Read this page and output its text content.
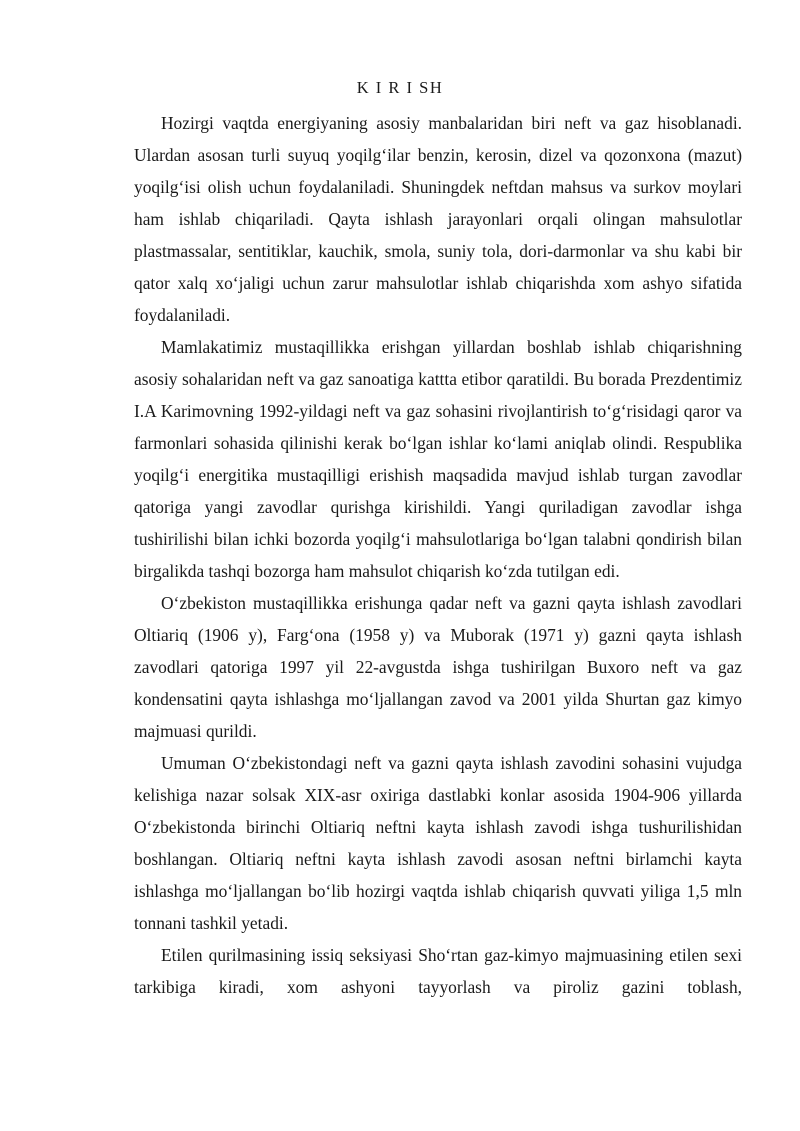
K I R I SH

Hozirgi vaqtda energiyaning asosiy manbalaridan biri neft va gaz hisoblanadi. Ulardan asosan turli suyuq yoqilg‘ilar benzin, kerosin, dizel va qozonxona (mazut) yoqilg‘isi olish uchun foydalaniladi. Shuningdek neftdan mahsus va surkov moylari ham ishlab chiqariladi. Qayta ishlash jarayonlari orqali olingan mahsulotlar plastmassalar, sentitiklar, kauchik, smola, suniy tola, dori-darmonlar va shu kabi bir qator xalq xo‘jaligi uchun zarur mahsulotlar ishlab chiqarishda xom ashyo sifatida foydalaniladi.

Mamlakatimiz mustaqillikka erishgan yillardan boshlab ishlab chiqarishning asosiy sohalaridan neft va gaz sanoatiga kattta etibor qaratildi. Bu borada Prezdentimiz I.A Karimovning 1992-yildagi neft va gaz sohasini rivojlantirish to‘g‘risidagi qaror va farmonlari sohasida qilinishi kerak bo‘lgan ishlar ko‘lami aniqlab olindi. Respublika yoqilg‘i energitika mustaqilligi erishish maqsadida mavjud ishlab turgan zavodlar qatoriga yangi zavodlar qurishga kirishildi. Yangi quriladigan zavodlar ishga tushirilishi bilan ichki bozorda yoqilg‘i mahsulotlariga bo‘lgan talabni qondirish bilan birgalikda tashqi bozorga ham mahsulot chiqarish ko‘zda tutilgan edi.

O‘zbekiston mustaqillikka erishunga qadar neft va gazni qayta ishlash zavodlari Oltiariq (1906 y), Farg‘ona (1958 y) va Muborak (1971 y) gazni qayta ishlash zavodlari qatoriga 1997 yil 22-avgustda ishga tushirilgan Buxoro neft va gaz kondensatini qayta ishlashga mo‘ljallangan zavod va 2001 yilda Shurtan gaz kimyo majmuasi qurildi.

Umuman O‘zbekistondagi neft va gazni qayta ishlash zavodini sohasini vujudga kelishiga nazar solsak XIX-asr oxiriga dastlabki konlar asosida 1904-906 yillarda O‘zbekistonda birinchi Oltiariq neftni kayta ishlash zavodi ishga tushurilishidan boshlangan. Oltiariq neftni kayta ishlash zavodi asosan neftni birlamchi kayta ishlashga mo‘ljallangan bo‘lib hozirgi vaqtda ishlab chiqarish quvvati yiliga 1,5 mln tonnani tashkil yetadi.

Etilen qurilmasining issiq seksiyasi Sho‘rtan gaz-kimyo majmuasining etilen sexi tarkibiga kiradi, xom ashyoni tayyorlash va piroliz gazini toblash,
